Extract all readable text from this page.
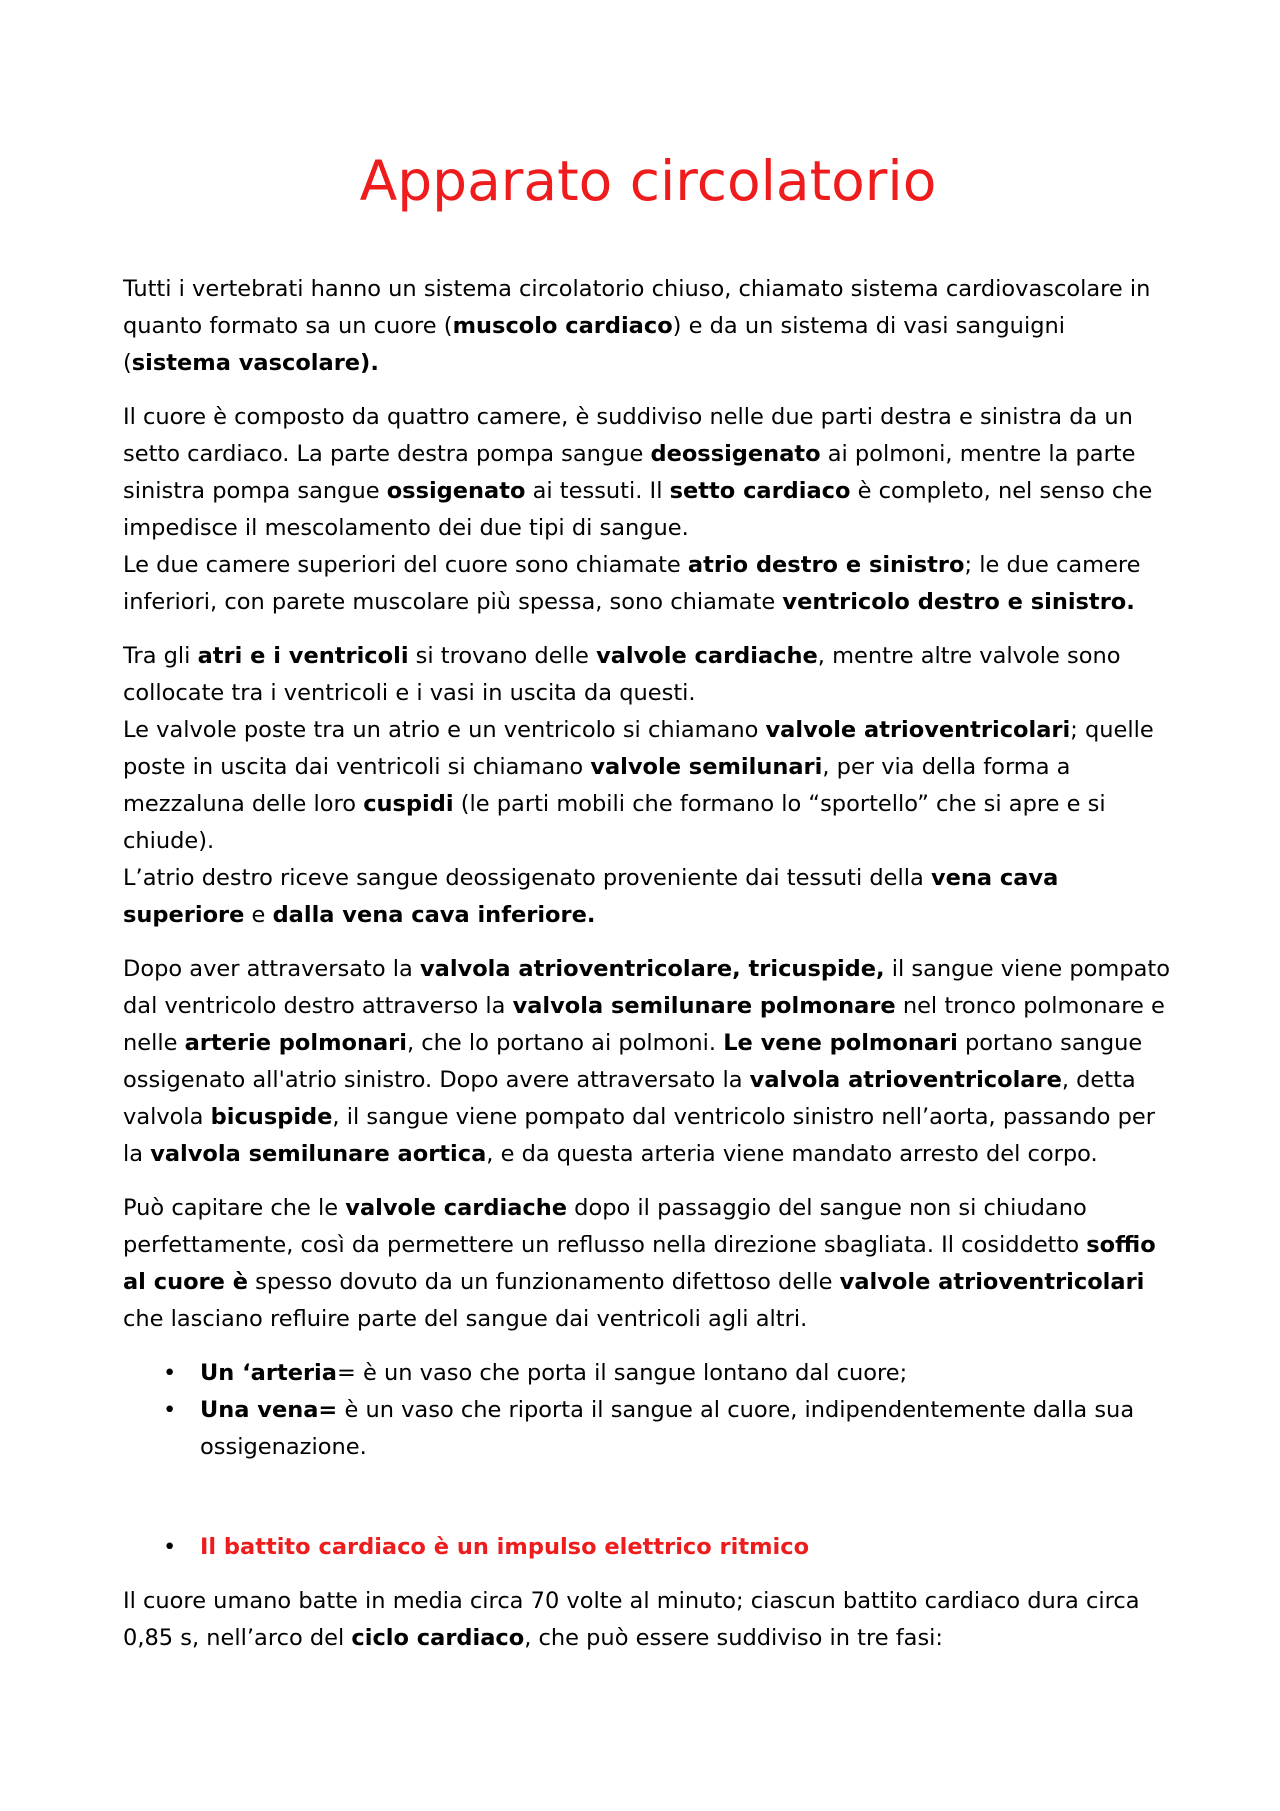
Apparato circolatorio

Tutti i vertebrati hanno un sistema circolatorio chiuso, chiamato sistema cardiovascolare in quanto formato sa un cuore (muscolo cardiaco) e da un sistema di vasi sanguigni (sistema vascolare).

Il cuore è composto da quattro camere, è suddiviso nelle due parti destra e sinistra da un setto cardiaco. La parte destra pompa sangue deossigenato ai polmoni, mentre la parte sinistra pompa sangue ossigenato ai tessuti. Il setto cardiaco è completo, nel senso che impedisce il mescolamento dei due tipi di sangue.
Le due camere superiori del cuore sono chiamate atrio destro e sinistro; le due camere inferiori, con parete muscolare più spessa, sono chiamate ventricolo destro e sinistro.

Tra gli atri e i ventricoli si trovano delle valvole cardiache, mentre altre valvole sono collocate tra i ventricoli e i vasi in uscita da questi.
Le valvole poste tra un atrio e un ventricolo si chiamano valvole atrioventricolari; quelle poste in uscita dai ventricoli si chiamano valvole semilunari, per via della forma a mezzaluna delle loro cuspidi (le parti mobili che formano lo “sportello” che si apre e si chiude).
L’atrio destro riceve sangue deossigenato proveniente dai tessuti della vena cava superiore e dalla vena cava inferiore.

Dopo aver attraversato la valvola atrioventricolare, tricuspide, il sangue viene pompato dal ventricolo destro attraverso la valvola semilunare polmonare nel tronco polmonare e nelle arterie polmonari, che lo portano ai polmoni. Le vene polmonari portano sangue ossigenato all'atrio sinistro. Dopo avere attraversato la valvola atrioventricolare, detta valvola bicuspide, il sangue viene pompato dal ventricolo sinistro nell’aorta, passando per la valvola semilunare aortica, e da questa arteria viene mandato arresto del corpo.

Può capitare che le valvole cardiache dopo il passaggio del sangue non si chiudano perfettamente, così da permettere un reflusso nella direzione sbagliata. Il cosiddetto soffio al cuore è spesso dovuto da un funzionamento difettoso delle valvole atrioventricolari che lasciano refluire parte del sangue dai ventricoli agli altri.

• Un ‘arteria= è un vaso che porta il sangue lontano dal cuore;
• Una vena= è un vaso che riporta il sangue al cuore, indipendentemente dalla sua ossigenazione.
• Il battito cardiaco è un impulso elettrico ritmico

Il cuore umano batte in media circa 70 volte al minuto; ciascun battito cardiaco dura circa 0,85 s, nell’arco del ciclo cardiaco, che può essere suddiviso in tre fasi:
